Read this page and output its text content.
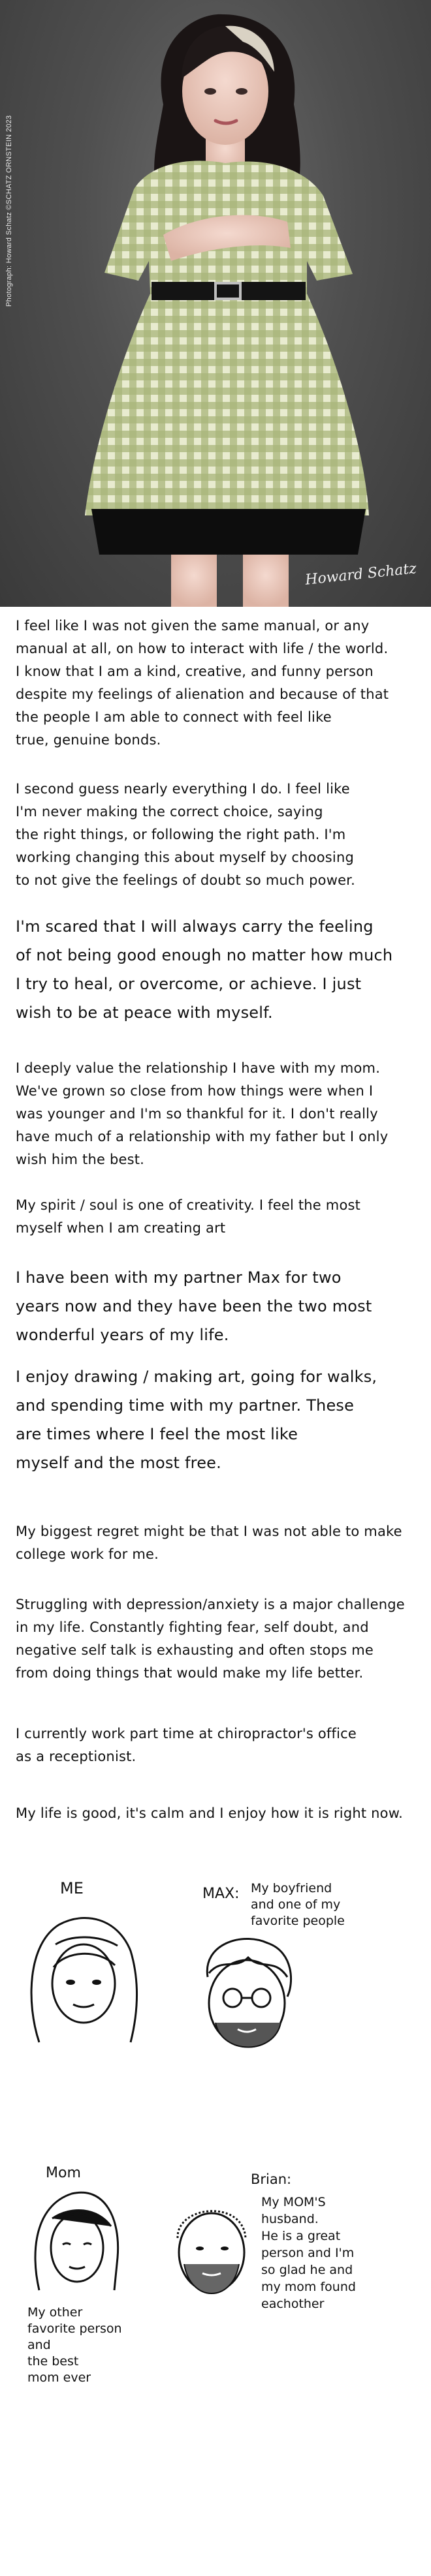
Photograph: Howard Schatz ©SCHATZ ORNSTEIN 2023
Howard Schatz
I feel like I was not given the same manual, or any
manual at all, on how to interact with life / the world.
I know that I am a kind, creative, and funny person
despite my feelings of alienation and because of that
the people I am able to connect with feel like
true, genuine bonds.
I second guess nearly everything I do. I feel like
I'm never making the correct choice, saying
the right things, or following the right path. I'm
working changing this about myself by choosing
to not give the feelings of doubt so much power.
I'm scared that I will always carry the feeling
of not being good enough no matter how much
I try to heal, or overcome, or achieve. I just
wish to be at peace with myself.
I deeply value the relationship I have with my mom.
We've grown so close from how things were when I
was younger and I'm so thankful for it. I don't really
have much of a relationship with my father but I only
wish him the best.
My spirit / soul is one of creativity. I feel the most
myself when I am creating art
I have been with my partner Max for two
years now and they have been the two most
wonderful years of my life.
I enjoy drawing / making art, going for walks,
and spending time with my partner. These
are times where I feel the most like
myself and the most free.
My biggest regret might be that I was not able to make
college work for me.
Struggling with depression/anxiety is a major challenge
in my life. Constantly fighting fear, self doubt, and
negative self talk is exhausting and often stops me
from doing things that would make my life better.
I currently work part time at chiropractor's office
as a receptionist.
My life is good, it's calm and I enjoy how it is right now.
ME	MAX: My boyfriend
and one of my
favorite people
Mom
My other
favorite person
and
the best
mom ever
Brian:
My MOM'S
husband.
He is a great
person and I'm
so glad he and
my mom found
eachother
